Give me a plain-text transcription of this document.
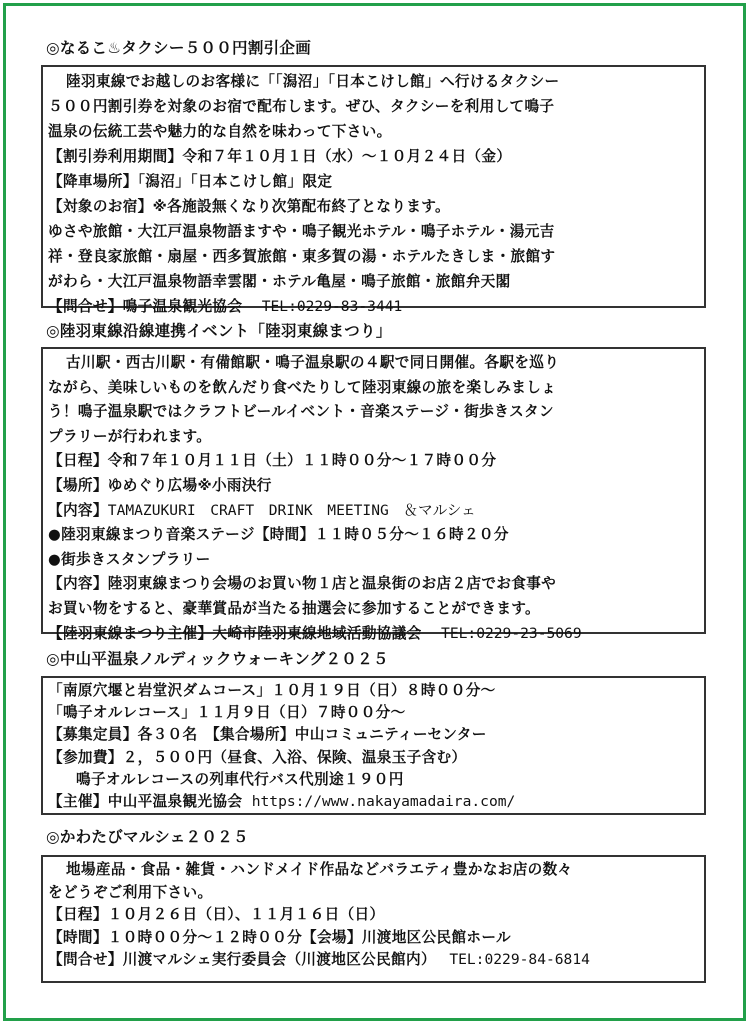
◎なるこ♨タクシー５００円割引企画
陸羽東線でお越しのお客様に「「潟沼」「日本こけし館」へ行けるタクシー
５００円割引券を対象のお宿で配布します。ぜひ、タクシーを利用して鳴子
温泉の伝統工芸や魅力的な自然を味わって下さい。
【割引券利用期間】令和７年１０月１日（水）～１０月２４日（金）
【降車場所】「潟沼」「日本こけし館」限定
【対象のお宿】※各施設無くなり次第配布終了となります。
ゆさや旅館・大江戸温泉物語ますや・鳴子観光ホテル・鳴子ホテル・湯元吉
祥・登良家旅館・扇屋・西多賀旅館・東多賀の湯・ホテルたきしま・旅館す
がわら・大江戸温泉物語幸雲閣・ホテル亀屋・鳴子旅館・旅館弁天閣
【問合せ】鳴子温泉観光協会 TEL:0229-83-3441
◎陸羽東線沿線連携イベント「陸羽東線まつり」
古川駅・西古川駅・有備館駅・鳴子温泉駅の４駅で同日開催。各駅を巡り
ながら、美味しいものを飲んだり食べたりして陸羽東線の旅を楽しみましょ
う！鳴子温泉駅ではクラフトビールイベント・音楽ステージ・街歩きスタン
プラリーが行われます。
【日程】令和７年１０月１１日（土）１１時００分～１７時００分
【場所】ゆめぐり広場※小雨決行
【内容】TAMAZUKURI　CRAFT　DRINK　MEETING　＆マルシェ
●陸羽東線まつり音楽ステージ【時間】１１時０５分～１６時２０分
●街歩きスタンプラリー
【内容】陸羽東線まつり会場のお買い物１店と温泉街のお店２店でお食事や
お買い物をすると、豪華賞品が当たる抽選会に参加することができます。
【陸羽東線まつり主催】大崎市陸羽東線地域活動協議会 TEL:0229-23-5069
◎中山平温泉ノルディックウォーキング２０２５
「南原穴堰と岩堂沢ダムコース」１０月１９日（日）８時００分～
「鳴子オルレコース」１１月９日（日）７時００分～
【募集定員】各３０名　【集合場所】中山コミュニティーセンター
【参加費】２，５００円（昼食、入浴、保険、温泉玉子含む）
鳴子オルレコースの列車代行バス代別途１９０円
【主催】中山平温泉観光協会 https://www.nakayamadaira.com/
◎かわたびマルシェ２０２５
地場産品・食品・雑貨・ハンドメイド作品などバラエティ豊かなお店の数々
をどうぞご利用下さい。
【日程】１０月２６日（日）、１１月１６日（日）
【時間】１０時００分～１２時００分【会場】川渡地区公民館ホール
【問合せ】川渡マルシェ実行委員会（川渡地区公民館内） TEL:0229-84-6814
